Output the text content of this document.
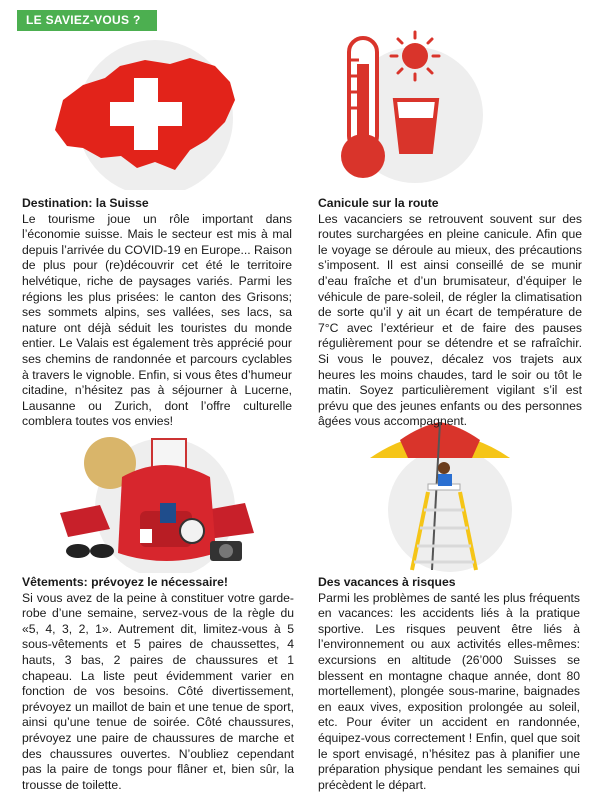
LE SAVIEZ-VOUS ?
Destination: la Suisse

Le tourisme joue un rôle important dans l’économie suisse. Mais le secteur est mis à mal depuis l’arrivée du COVID-19 en Europe... Raison de plus pour (re)découvrir cet été le territoire helvétique, riche de paysages variés. Parmi les régions les plus prisées: le canton des Grisons; ses sommets alpins, ses vallées, ses lacs, sa nature ont déjà séduit les touristes du monde entier. Le Valais est également très apprécié pour ses chemins de randonnée et parcours cyclables à travers le vignoble. Enfin, si vous êtes d’humeur citadine, n’hésitez pas à séjourner à Lucerne, Lausanne ou Zurich, dont l’offre culturelle comblera toutes vos envies!

Canicule sur la route

Les vacanciers se retrouvent souvent sur des routes surchargées en pleine canicule. Afin que le voyage se déroule au mieux, des précautions s’imposent. Il est ainsi conseillé de se munir d’eau fraîche et d’un brumisateur, d’équiper le véhicule de pare-soleil, de régler la climatisation de sorte qu’il y ait un écart de température de 7°C avec l’extérieur et de faire des pauses régulièrement pour se détendre et se rafraîchir. Si vous le pouvez, décalez vos trajets aux heures les moins chaudes, tard le soir ou tôt le matin. Soyez particulièrement vigilant s’il est prévu que des jeunes enfants ou des personnes âgées vous accompagnent.

Vêtements: prévoyez le nécessaire!

Si vous avez de la peine à constituer votre garde-robe d’une semaine, servez-vous de la règle du «5, 4, 3, 2, 1». Autrement dit, limitez-vous à 5 sous-vêtements et 5 paires de chaussettes, 4 hauts, 3 bas, 2 paires de chaussures et 1 chapeau. La liste peut évidemment varier en fonction de vos besoins. Côté divertissement, prévoyez un maillot de bain et une tenue de sport, ainsi qu’une tenue de soirée. Côté chaussures, prévoyez une paire de chaussures de marche et des chaussures ouvertes. N’oubliez cependant pas la paire de tongs pour flâner et, bien sûr, la trousse de toilette.

Des vacances à risques

Parmi les problèmes de santé les plus fréquents en vacances: les accidents liés à la pratique sportive. Les risques peuvent être liés à l’environnement ou aux activités elles-mêmes: excursions en altitude (26’000 Suisses se blessent en montagne chaque année, dont 80 mortellement), plongée sous-marine, baignades en eaux vives, exposition prolongée au soleil, etc. Pour éviter un accident en randonnée, équipez-vous correctement ! Enfin, quel que soit le sport envisagé, n’hésitez pas à planifier une préparation physique pendant les semaines qui précèdent le départ.
